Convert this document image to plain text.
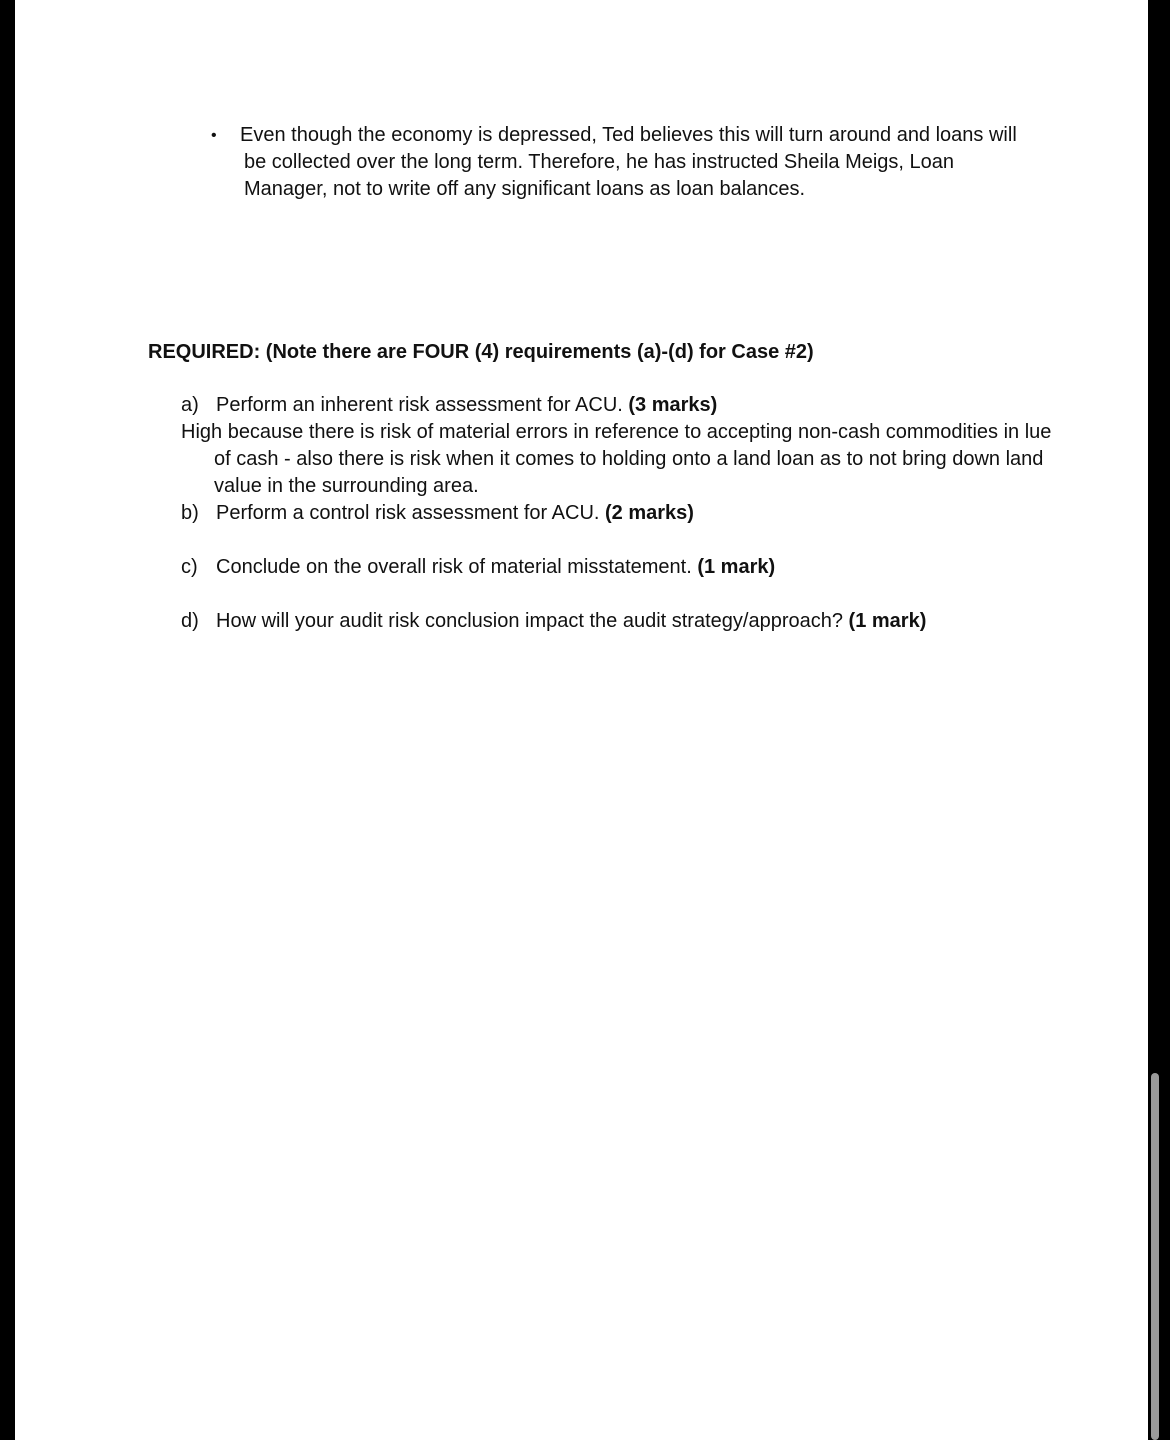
• Even though the economy is depressed, Ted believes this will turn around and loans will be collected over the long term. Therefore, he has instructed Sheila Meigs, Loan Manager, not to write off any significant loans as loan balances.
REQUIRED: (Note there are FOUR (4) requirements (a)-(d) for Case #2)
a) Perform an inherent risk assessment for ACU. (3 marks)
High because there is risk of material errors in reference to accepting non-cash commodities in lue of cash - also there is risk when it comes to holding onto a land loan as to not bring down land value in the surrounding area.
b) Perform a control risk assessment for ACU. (2 marks)
c) Conclude on the overall risk of material misstatement. (1 mark)
d) How will your audit risk conclusion impact the audit strategy/approach? (1 mark)
